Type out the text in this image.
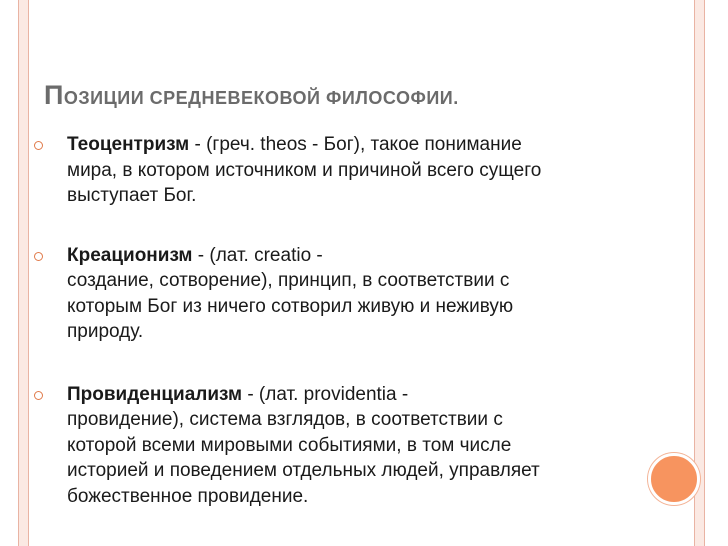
ПОЗИЦИИ СРЕДНЕВЕКОВОЙ ФИЛОСОФИИ.
Теоцентризм - (греч. theos - Бог), такое понимание
мира, в котором источником и причиной всего сущего
выступает Бог.
Креационизм - (лат. creatio -
создание, сотворение), принцип, в соответствии с
которым Бог из ничего сотворил живую и неживую
природу.
Провиденциализм - (лат. providentia -
провидение), система взглядов, в соответствии с
которой всеми мировыми событиями, в том числе
историей и поведением отдельных людей, управляет
божественное провидение.
